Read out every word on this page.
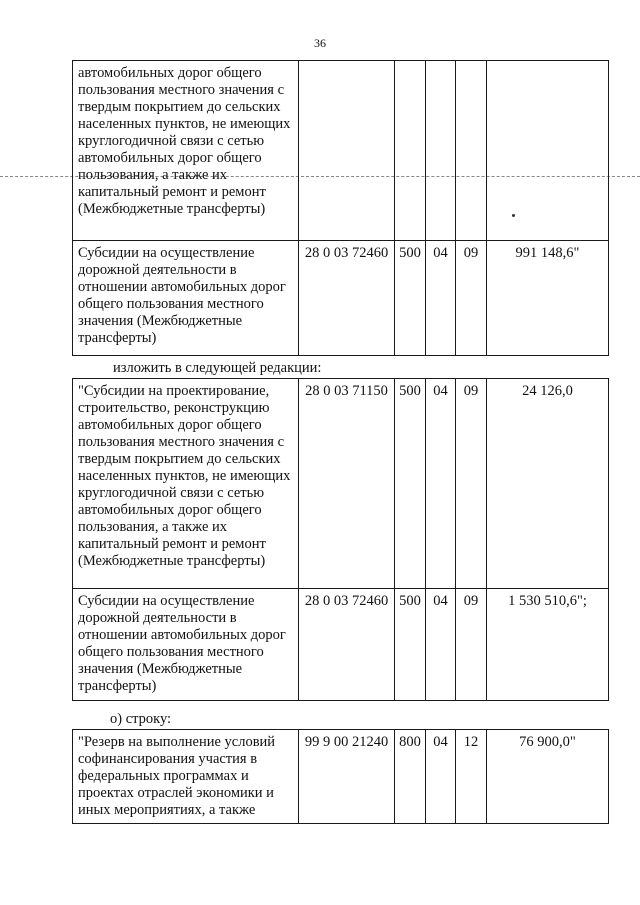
36
автомобильных дорог общего пользования местного значения с твердым покрытием до сельских населенных пунктов, не имеющих круглогодичной связи с сетью автомобильных дорог общего пользования, а также их капитальный ремонт и ремонт (Межбюджетные трансферты)					
Субсидии на осуществление дорожной деятельности в отношении автомобильных дорог общего пользования местного значения (Межбюджетные трансферты)	28 0 03 72460	500	04	09	991 148,6"
изложить в следующей редакции:
"Субсидии на проектирование, строительство, реконструкцию автомобильных дорог общего пользования местного значения с твердым покрытием до сельских населенных пунктов, не имеющих круглогодичной связи с сетью автомобильных дорог общего пользования, а также их капитальный ремонт и ремонт (Межбюджетные трансферты)	28 0 03 71150	500	04	09	24 126,0
Субсидии на осуществление дорожной деятельности в отношении автомобильных дорог общего пользования местного значения (Межбюджетные трансферты)	28 0 03 72460	500	04	09	1 530 510,6";
о) строку:
"Резерв на выполнение условий софинансирования участия в федеральных программах и проектах отраслей экономики и иных мероприятиях, а также	99 9 00 21240	800	04	12	76 900,0"
